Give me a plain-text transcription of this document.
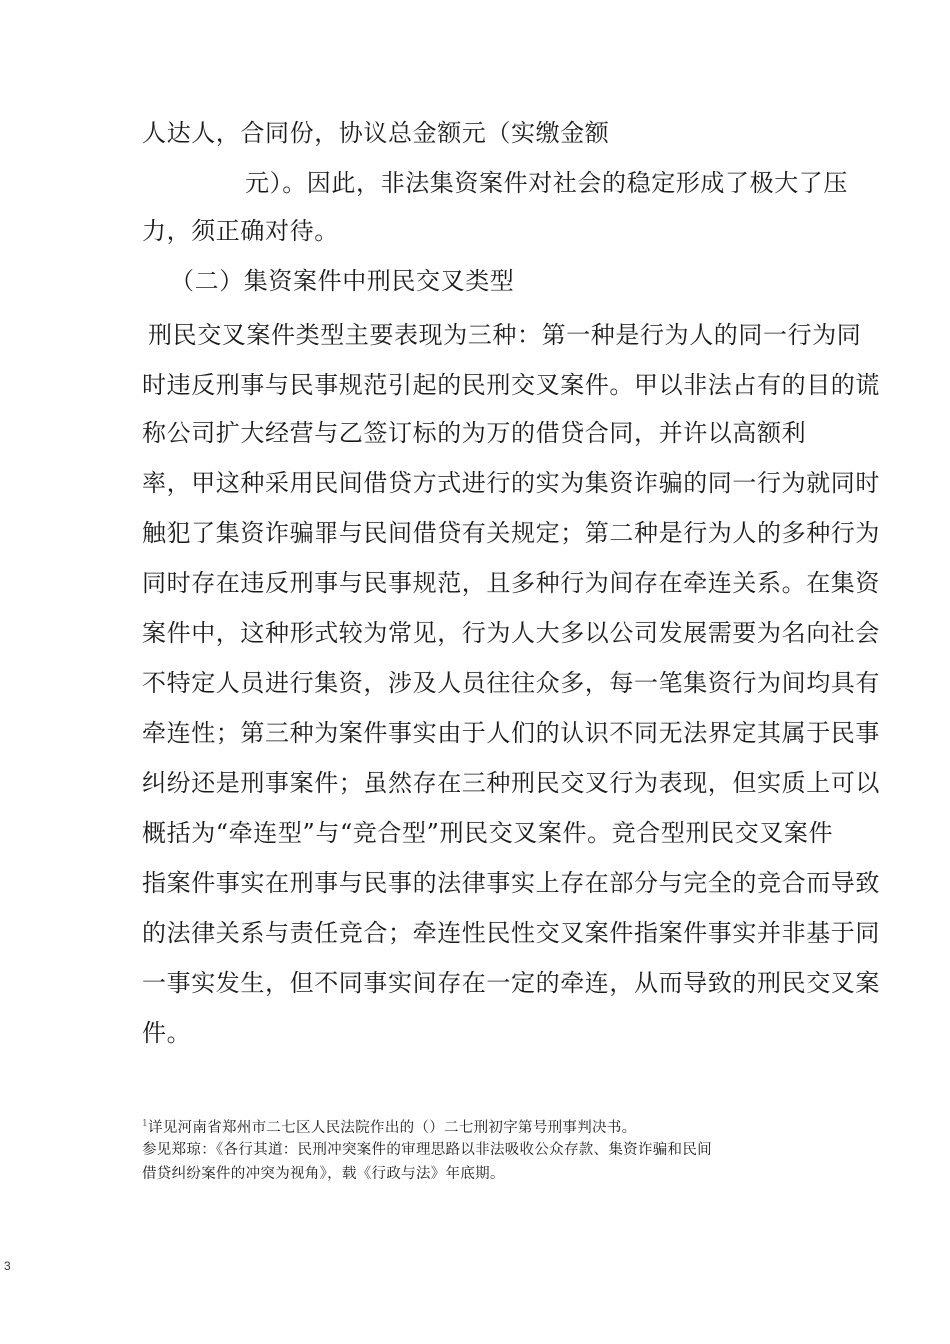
人达人，合同份，协议总金额元（实缴金额
元）。因此，非法集资案件对社会的稳定形成了极大了压
力，须正确对待。
（二）集资案件中刑民交叉类型
刑民交叉案件类型主要表现为三种：第一种是行为人的同一行为同
时违反刑事与民事规范引起的民刑交叉案件。甲以非法占有的目的谎
称公司扩大经营与乙签订标的为万的借贷合同，并许以高额利
率，甲这种采用民间借贷方式进行的实为集资诈骗的同一行为就同时
触犯了集资诈骗罪与民间借贷有关规定；第二种是行为人的多种行为
同时存在违反刑事与民事规范，且多种行为间存在牵连关系。在集资
案件中，这种形式较为常见，行为人大多以公司发展需要为名向社会
不特定人员进行集资，涉及人员往往众多，每一笔集资行为间均具有
牵连性；第三种为案件事实由于人们的认识不同无法界定其属于民事
纠纷还是刑事案件；虽然存在三种刑民交叉行为表现，但实质上可以
概括为“牵连型”与“竞合型”刑民交叉案件。竞合型刑民交叉案件
指案件事实在刑事与民事的法律事实上存在部分与完全的竞合而导致
的法律关系与责任竞合；牵连性民性交叉案件指案件事实并非基于同
一事实发生，但不同事实间存在一定的牵连，从而导致的刑民交叉案
件。
$^1$详见河南省郑州市二七区人民法院作出的（）二七刑初字第号刑事判决书。
参见郑琼：《各行其道：民刑冲突案件的审理思路以非法吸收公众存款、集资诈骗和民间
借贷纠纷案件的冲突为视角》，载《行政与法》年底期。
3
